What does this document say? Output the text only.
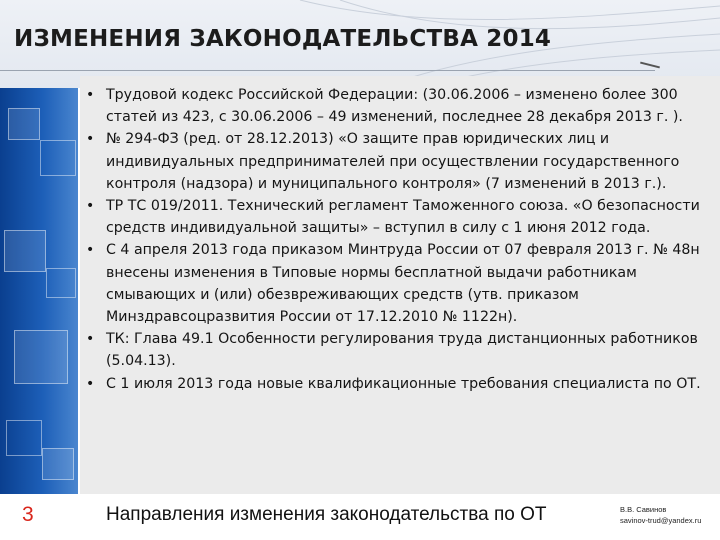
ИЗМЕНЕНИЯ ЗАКОНОДАТЕЛЬСТВА 2014
• Трудовой кодекс Российской Федерации: (30.06.2006 – изменено более 300 статей из 423, с 30.06.2006 – 49 изменений, последнее 28 декабря 2013 г. ).
• № 294-ФЗ (ред. от 28.12.2013) «О защите прав юридических лиц и индивидуальных предпринимателей при осуществлении государственного контроля (надзора) и муниципального контроля» (7 изменений в 2013 г.).
• ТР ТС 019/2011. Технический регламент Таможенного союза. «О безопасности средств индивидуальной защиты» – вступил в силу с 1 июня 2012 года.
• С 4 апреля 2013 года приказом Минтруда России от 07 февраля 2013 г. № 48н внесены изменения в Типовые нормы бесплатной выдачи работникам смывающих и (или) обезвреживающих средств (утв. приказом Минздравсоцразвития России от 17.12.2010 № 1122н).
• ТК: Глава 49.1 Особенности регулирования труда дистанционных работников (5.04.13).
• С 1 июля 2013 года новые квалификационные требования специалиста по ОТ.
3	Направления изменения законодательства по ОТ	В.В. Савинов
savinov-trud@yandex.ru
